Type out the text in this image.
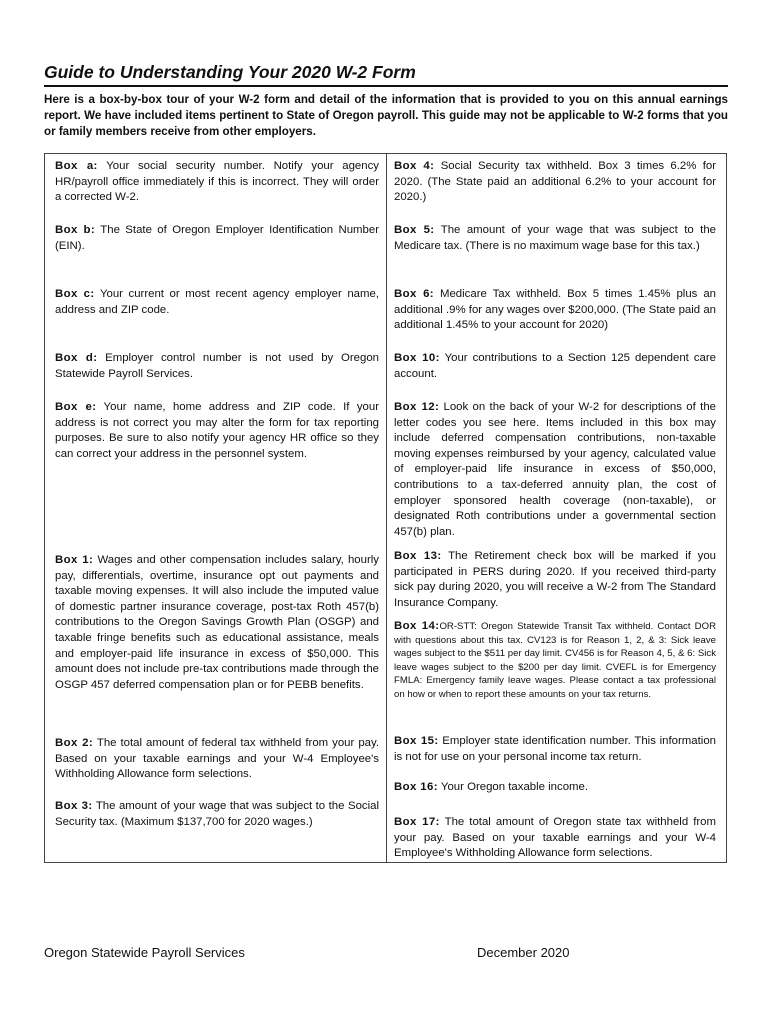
Guide to Understanding Your 2020 W-2 Form
Here is a box-by-box tour of your W-2 form and detail of the information that is provided to you on this annual earnings report. We have included items pertinent to State of Oregon payroll. This guide may not be applicable to W-2 forms that you or family members receive from other employers.
Box a: Your social security number. Notify your agency HR/payroll office immediately if this is incorrect. They will order a corrected W-2.
Box b: The State of Oregon Employer Identification Number (EIN).
Box c: Your current or most recent agency employer name, address and ZIP code.
Box d: Employer control number is not used by Oregon Statewide Payroll Services.
Box e: Your name, home address and ZIP code. If your address is not correct you may alter the form for tax reporting purposes. Be sure to also notify your agency HR office so they can correct your address in the personnel system.
Box 1: Wages and other compensation includes salary, hourly pay, differentials, overtime, insurance opt out payments and taxable moving expenses. It will also include the imputed value of domestic partner insurance coverage, post-tax Roth 457(b) contributions to the Oregon Savings Growth Plan (OSGP) and taxable fringe benefits such as educational assistance, meals and employer-paid life insurance in excess of $50,000. This amount does not include pre-tax contributions made through the OSGP 457 deferred compensation plan or for PEBB benefits.
Box 2: The total amount of federal tax withheld from your pay. Based on your taxable earnings and your W-4 Employee's Withholding Allowance form selections.
Box 3: The amount of your wage that was subject to the Social Security tax. (Maximum $137,700 for 2020 wages.)
Box 4: Social Security tax withheld. Box 3 times 6.2% for 2020. (The State paid an additional 6.2% to your account for 2020.)
Box 5: The amount of your wage that was subject to the Medicare tax. (There is no maximum wage base for this tax.)
Box 6: Medicare Tax withheld. Box 5 times 1.45% plus an additional .9% for any wages over $200,000. (The State paid an additional 1.45% to your account for 2020)
Box 10: Your contributions to a Section 125 dependent care account.
Box 12: Look on the back of your W-2 for descriptions of the letter codes you see here. Items included in this box may include deferred compensation contributions, non-taxable moving expenses reimbursed by your agency, calculated value of employer-paid life insurance in excess of $50,000, contributions to a tax-deferred annuity plan, the cost of employer sponsored health coverage (non-taxable), or designated Roth contributions under a governmental section 457(b) plan.
Box 13: The Retirement check box will be marked if you participated in PERS during 2020. If you received third-party sick pay during 2020, you will receive a W-2 from The Standard Insurance Company.
Box 14:OR-STT: Oregon Statewide Transit Tax withheld. Contact DOR with questions about this tax. CV123 is for Reason 1, 2, & 3: Sick leave wages subject to the $511 per day limit. CV456 is for Reason 4, 5, & 6: Sick leave wages subject to the $200 per day limit. CVEFL is for Emergency FMLA: Emergency family leave wages. Please contact a tax professional on how or when to report these amounts on your tax returns.
Box 15: Employer state identification number. This information is not for use on your personal income tax return.
Box 16: Your Oregon taxable income.
Box 17: The total amount of Oregon state tax withheld from your pay. Based on your taxable earnings and your W-4 Employee's Withholding Allowance form selections.
Oregon Statewide Payroll Services	December 2020
